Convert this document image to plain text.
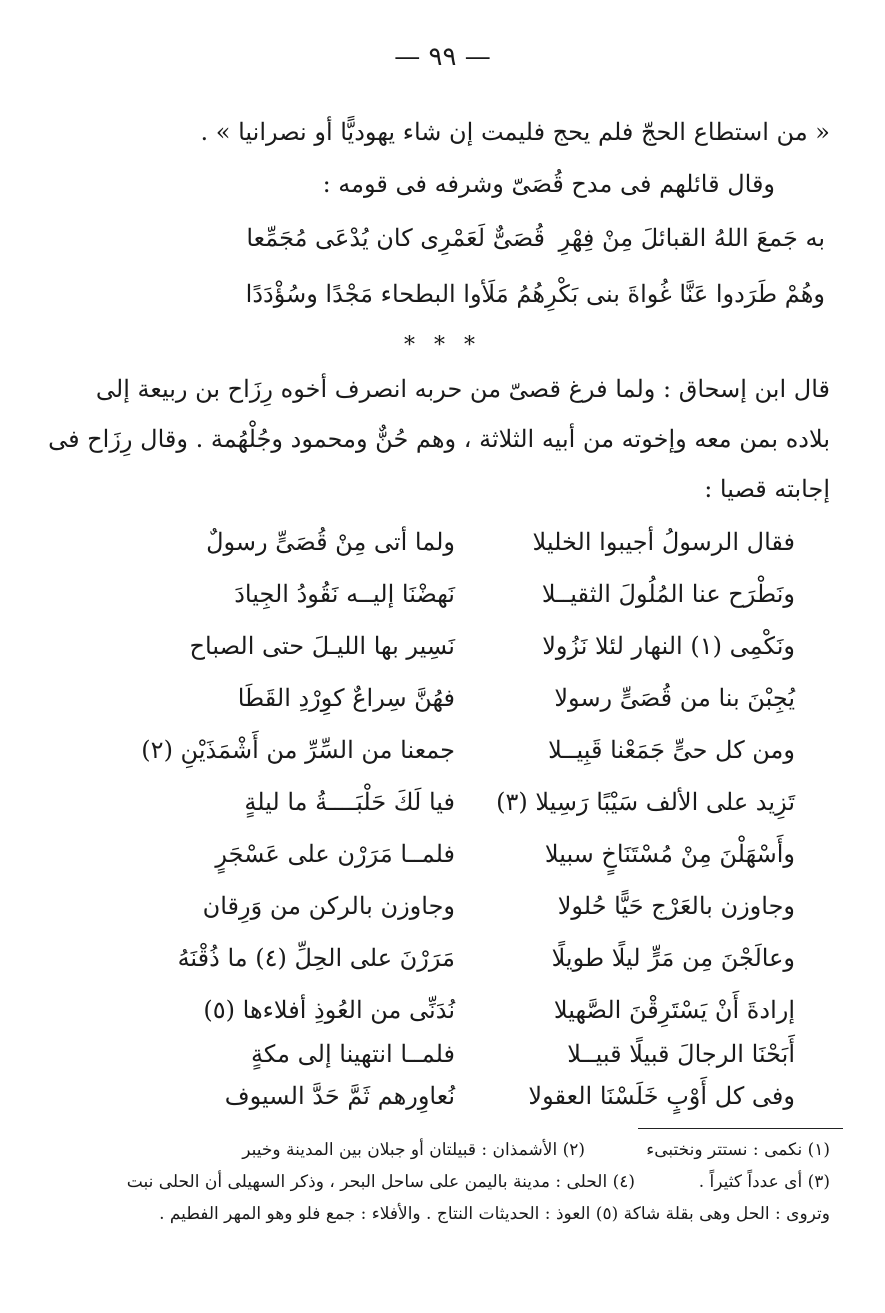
— ٩٩ —
« من استطاع الحجّ فلم يحج فليمت إن شاء يهوديًّا أو نصرانيا » .
وقال قائلهم فى مدح قُصَىّ وشرفه فى قومه :
قُصَىٌّ لَعَمْرِى كان يُدْعَى مُجَمِّعا به جَمعَ اللهُ القبائلَ مِنْ فِهْرِ
هُمُ مَلَأوا البطحاء مَجْدًا وسُؤْدَدًا وهُمْ طَرَدوا عَنَّا غُواةَ بنى بَكْرِ
* * *
قال ابن إسحاق : ولما فرغ قصىّ من حربه انصرف أخوه رِزَاح بن ربيعة إلى
بلاده بمن معه وإخوته من أبيه الثلاثة ، وهم حُنٌّ ومحمود وجُلْهُمة . وقال رِزَاح فى
إجابته قصيا :
ولما أتى مِنْ قُصَىٍّ رسولٌ	فقال الرسولُ أجيبوا الخليلا
نَهضْنَا إليــه نَقُودُ الجِيادَ	ونَطْرَح عنا المُلُولَ الثقيــلا
نَسِير بها الليـلَ حتى الصباح	ونَكْمِى (١) النهار لئلا نَزُولا
فهُنَّ سِراعٌ كوِرْدِ القَطَا	يُجِبْنَ بنا من قُصَىٍّ رسولا
جمعنا من السِّرِّ من أَشْمَذَيْنِ (٢)	ومن كل حىٍّ جَمَعْنا قَبِيــلا
فيا لَكَ حَلْبَــــةُ ما ليلةٍ	تَزِيد على الألف سَيْبًا رَسِيلا (٣)
فلمــا مَرَرْن على عَسْجَرٍ	وأَسْهَلْنَ مِنْ مُسْتَنَاخٍ سبيلا
وجاوزن بالركن من وَرِقان	وجاوزن بالعَرْج حَيًّا حُلولا
مَرَرْنَ على الحِلِّ (٤) ما ذُقْنَهُ	وعالَجْنَ مِن مَرٍّ ليلًا طويلًا
نُدَنِّى من العُوذِ أفلاءها (٥)	إرادةَ أَنْ يَسْتَرِقْنَ الصَّهيلا
فلمــا انتهينا إلى مكةٍ	أَبَحْنَا الرجالَ قبيلًا قبيــلا
نُعاوِرهم ثَمَّ حَدَّ السيوف	وفى كل أَوْبٍ خَلَسْنَا العقولا
(١) نكمى : نستتر ونختبىء
(٢) الأشمذان : قبيلتان أو جبلان بين المدينة وخيبر
(٣) أى عدداً كثيراً .
(٤) الحلى : مدينة باليمن على ساحل البحر ، وذكر السهيلى أن الحلى نبت
وتروى : الحل وهى بقلة شاكة (٥) العوذ : الحديثات النتاج . والأفلاء : جمع فلو وهو المهر الفطيم .
